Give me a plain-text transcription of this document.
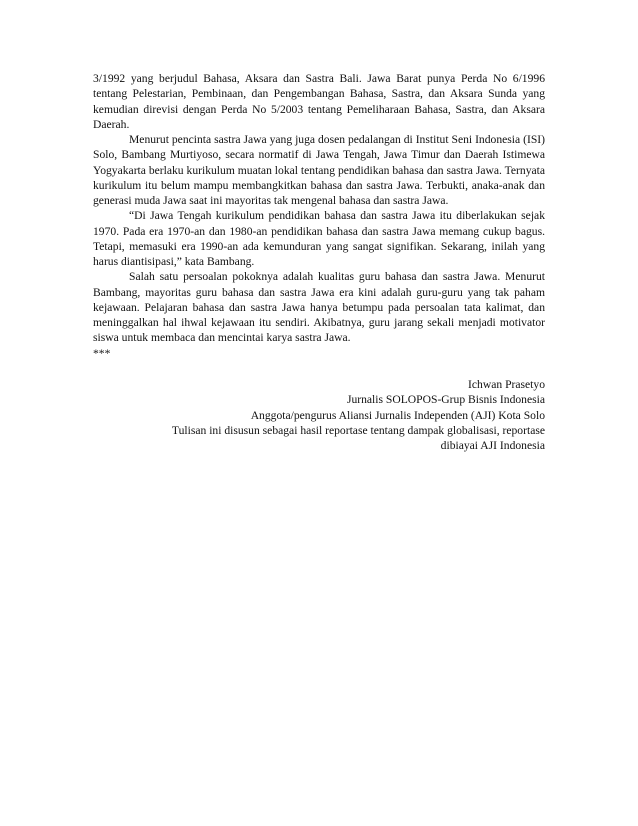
3/1992 yang berjudul Bahasa, Aksara dan Sastra Bali. Jawa Barat punya Perda No 6/1996 tentang Pelestarian, Pembinaan, dan Pengembangan Bahasa, Sastra, dan Aksara Sunda yang kemudian direvisi dengan Perda No 5/2003 tentang Pemeliharaan Bahasa, Sastra, dan Aksara Daerah.

Menurut pencinta sastra Jawa yang juga dosen pedalangan di Institut Seni Indonesia (ISI) Solo, Bambang Murtiyoso, secara normatif di Jawa Tengah, Jawa Timur dan Daerah Istimewa Yogyakarta berlaku kurikulum muatan lokal tentang pendidikan bahasa dan sastra Jawa. Ternyata kurikulum itu belum mampu membangkitkan bahasa dan sastra Jawa. Terbukti, anaka-anak dan generasi muda Jawa saat ini mayoritas tak mengenal bahasa dan sastra Jawa.

“Di Jawa Tengah kurikulum pendidikan bahasa dan sastra Jawa itu diberlakukan sejak 1970. Pada era 1970-an dan 1980-an pendidikan bahasa dan sastra Jawa memang cukup bagus. Tetapi, memasuki era 1990-an ada kemunduran yang sangat signifikan. Sekarang, inilah yang harus diantisipasi,” kata Bambang.

Salah satu persoalan pokoknya adalah kualitas guru bahasa dan sastra Jawa. Menurut Bambang, mayoritas guru bahasa dan sastra Jawa era kini adalah guru-guru yang tak paham kejawaan. Pelajaran bahasa dan sastra Jawa hanya betumpu pada persoalan tata kalimat, dan meninggalkan hal ihwal kejawaan itu sendiri. Akibatnya, guru jarang sekali menjadi motivator siswa untuk membaca dan mencintai karya sastra Jawa.

***

Ichwan Prasetyo
Jurnalis SOLOPOS-Grup Bisnis Indonesia
Anggota/pengurus Aliansi Jurnalis Independen (AJI) Kota Solo
Tulisan ini disusun sebagai hasil reportase tentang dampak globalisasi, reportase
dibiayai AJI Indonesia
